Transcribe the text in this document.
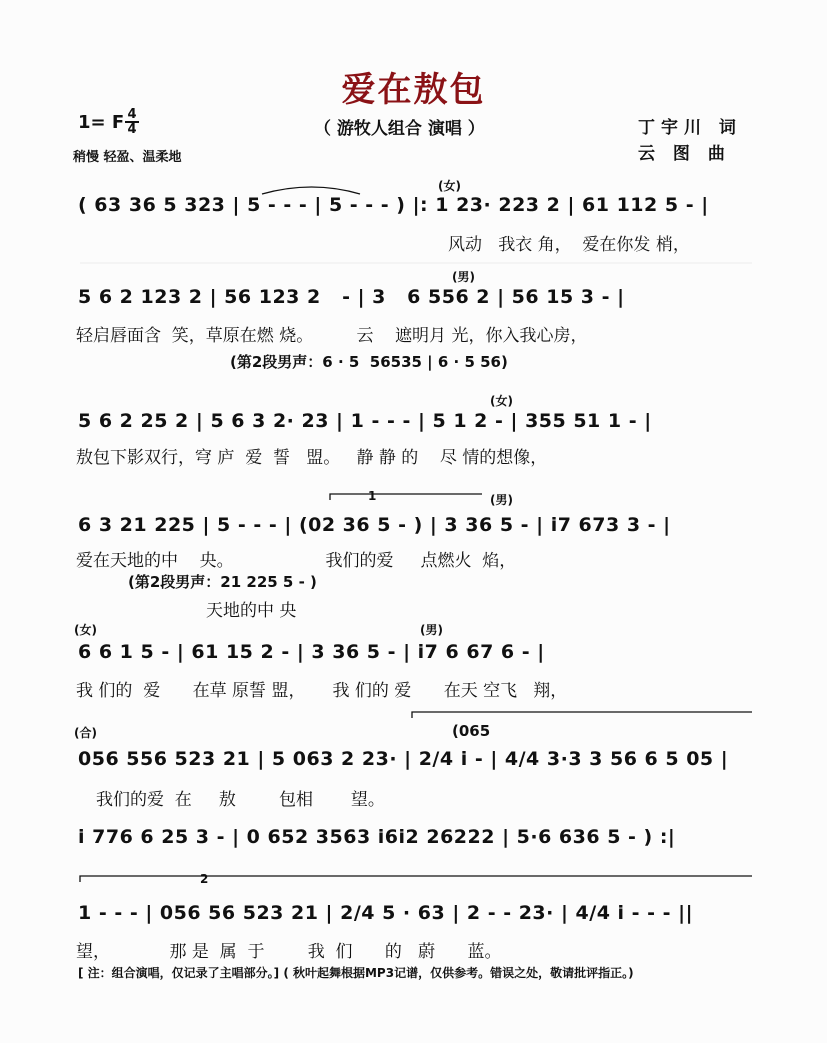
爱在敖包
1= F 4
4
稍慢 轻盈、温柔地
（ 游牧人组合 演唱 ）	丁宇川 词
云 图 曲
(女)
( 63 36 5 323 | 5 - - - | 5 - - - ) |: 1 23· 223 2 | 61 112 5 - |
风动   我衣 角，  爱在你发 梢，
(男)
5 6 2 123 2 | 56 123 2   - | 3   6 556 2 | 56 15 3 - |
轻启唇面含  笑，草原在燃 烧。        云    遮明月 光，你入我心房，
(第2段男声：6 · 5  56535 | 6 · 5 56)
(女)
5 6 2 25 2 | 5 6 3 2· 23 | 1 - - - | 5 1 2 - | 355 51 1 - |
敖包下影双行，穹 庐  爱  誓   盟。   静 静 的    尽 情的想像，
1	(男)
6 3 21 225 | 5 - - - | (02 36 5 - ) | 3 36 5 - | i7 673 3 - |
爱在天地的中    央。                 我们的爱     点燃火  焰，
(第2段男声：21 225 5 - )
天地的中 央
(女)	(男)
6 6 1 5 - | 61 15 2 - | 3 36 5 - | i7 6 67 6 - |
我 们的  爱      在草 原誓 盟，     我 们的 爱      在天 空飞   翔，
(合)	(065
056 556 523 21 | 5 063 2 23· | 2/4 i - | 4/4 3·3 3 56 6 5 05 |
我们的爱  在     敖        包相       望。
i 776 6 25 3 - | 0 652 3563 i6i2 26222 | 5·6 636 5 - ) :|
2
1 - - - | 056 56 523 21 | 2/4 5 · 63 | 2 - - 23· | 4/4 i - - - ||
望，           那 是  属  于        我  们      的   蔚      蓝。
[ 注：组合演唱，仅记录了主唱部分。] ( 秋叶起舞根据MP3记谱，仅供参考。错误之处，敬请批评指正。)
